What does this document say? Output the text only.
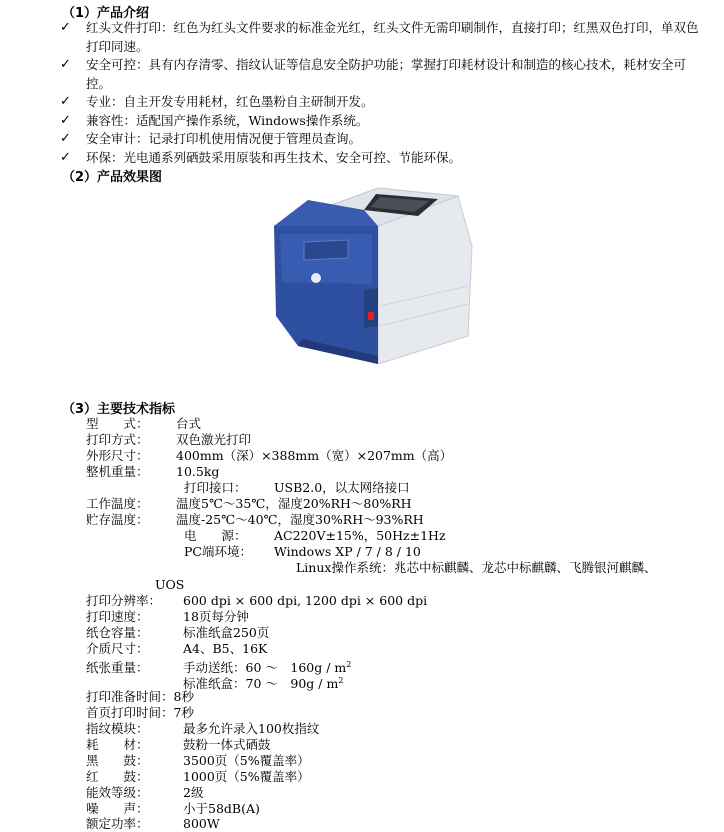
（1）产品介绍
✓ 红头文件打印：红色为红头文件要求的标准金光红，红头文件无需印刷制作，直接打印；红黑双色打印，单双色打印同速。
✓ 安全可控：具有内存清零、指纹认证等信息安全防护功能；掌握打印耗材设计和制造的核心技术，耗材安全可控。
✓ 专业：自主开发专用耗材，红色墨粉自主研制开发。
✓ 兼容性：适配国产操作系统，Windows操作系统。
✓ 安全审计：记录打印机使用情况便于管理员查询。
✓ 环保：光电通系列硒鼓采用原装和再生技术、安全可控、节能环保。
（2）产品效果图
（3）主要技术指标
型　　式： 台式
打印方式： 双色激光打印
外形尺寸： 400mm（深）×388mm（宽）×207mm（高）
整机重量： 10.5kg
打印接口： USB2.0，以太网络接口
工作温度： 温度5℃～35℃，湿度20%RH～80%RH
贮存温度： 温度-25℃～40℃，湿度30%RH～93%RH
电　　源： AC220V±15%，50Hz±1Hz
PC端环境： Windows XP / 7 / 8 / 10
Linux操作系统：兆芯中标麒麟、龙芯中标麒麟、飞腾银河麒麟、
UOS
打印分辨率： 600 dpi × 600 dpi, 1200 dpi × 600 dpi
打印速度：	18页每分钟
纸仓容量：	标准纸盒250页
介质尺寸：	A4、B5、16K
纸张重量：	手动送纸：60 ～　$160g / m^2$
标准纸盒：70 ～　$90g / m^2$
打印准备时间：8秒
首页打印时间：7秒
指纹模块：	最多允许录入100枚指纹
耗　　材：	鼓粉一体式硒鼓
黑　　鼓：	3500页（5%覆盖率）
红　　鼓：	1000页（5%覆盖率）
能效等级：	2级
噪　　声：	小于58dB(A)
额定功率：	800W
